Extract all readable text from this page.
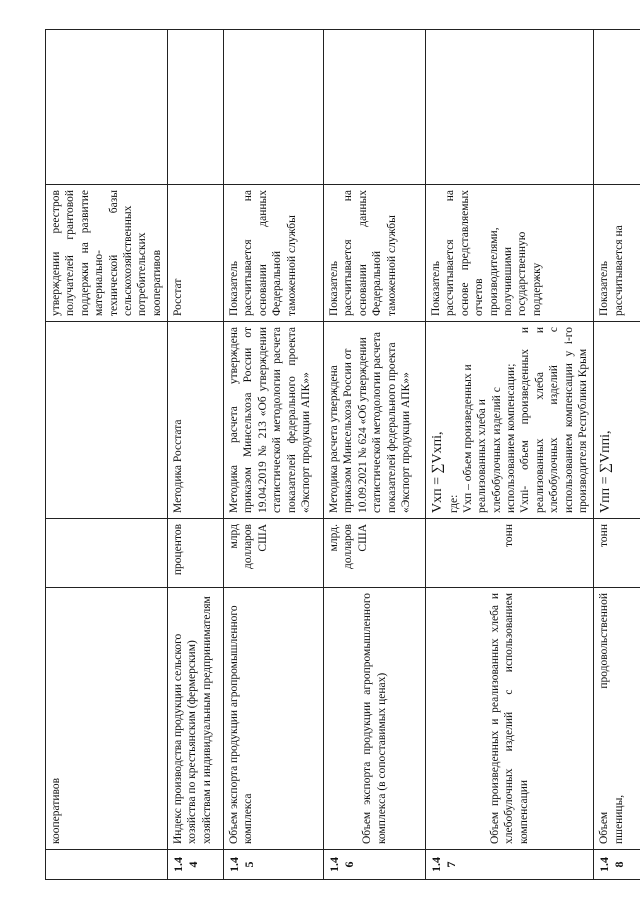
	кооперативов			утверждении реестров получателей грантовой поддержки на развитие материально-технической базы сельскохозяйственных потребительских кооперативов	
1.44	Индекс производства продукции сельского хозяйства по крестьянским (фермерским) хозяйствам и индивидуальным предпринимателям	процентов	Методика Росстата	Росстат	
1.45	Объем экспорта продукции агропромышленного комплекса	млрд долларов США	Методика расчета утверждена приказом Минсельхоза России от 19.04.2019 № 213 «Об утверждении статистической методологии расчета показателей федерального проекта «Экспорт продукции АПК»»	Показатель рассчитывается на основании данных Федеральной таможенной службы	
1.46	Объем экспорта продукции агропромышленного комплекса (в сопоставимых ценах)	млрд. долларов США	Методика расчета утверждена приказом Минсельхоза России от 10.09.2021 № 624 «Об утверждении статистической методологии расчета показателей федерального проекта «Экспорт продукции АПК»»	Показатель рассчитывается на основании данных Федеральной таможенной службы	
1.47	Объем произведенных и реализованных хлеба и хлебобулочных изделий с использованием компенсации	тонн	Vхп = ∑Vхпi, где: Vхп – объем произведенных и реализованных хлеба и хлебобулочных изделий с использованием компенсации; Vхпi- объем произведенных и реализованных хлеба и хлебобулочных изделий с использованием компенсации у i-го производителя Республики Крым	Показатель рассчитывается на основе представляемых отчетов производителями, получившими государственную поддержку	
1.48	Объем продовольственной пшеницы,	тонн	Vпп = ∑Vппi,	Показатель рассчитывается на	
